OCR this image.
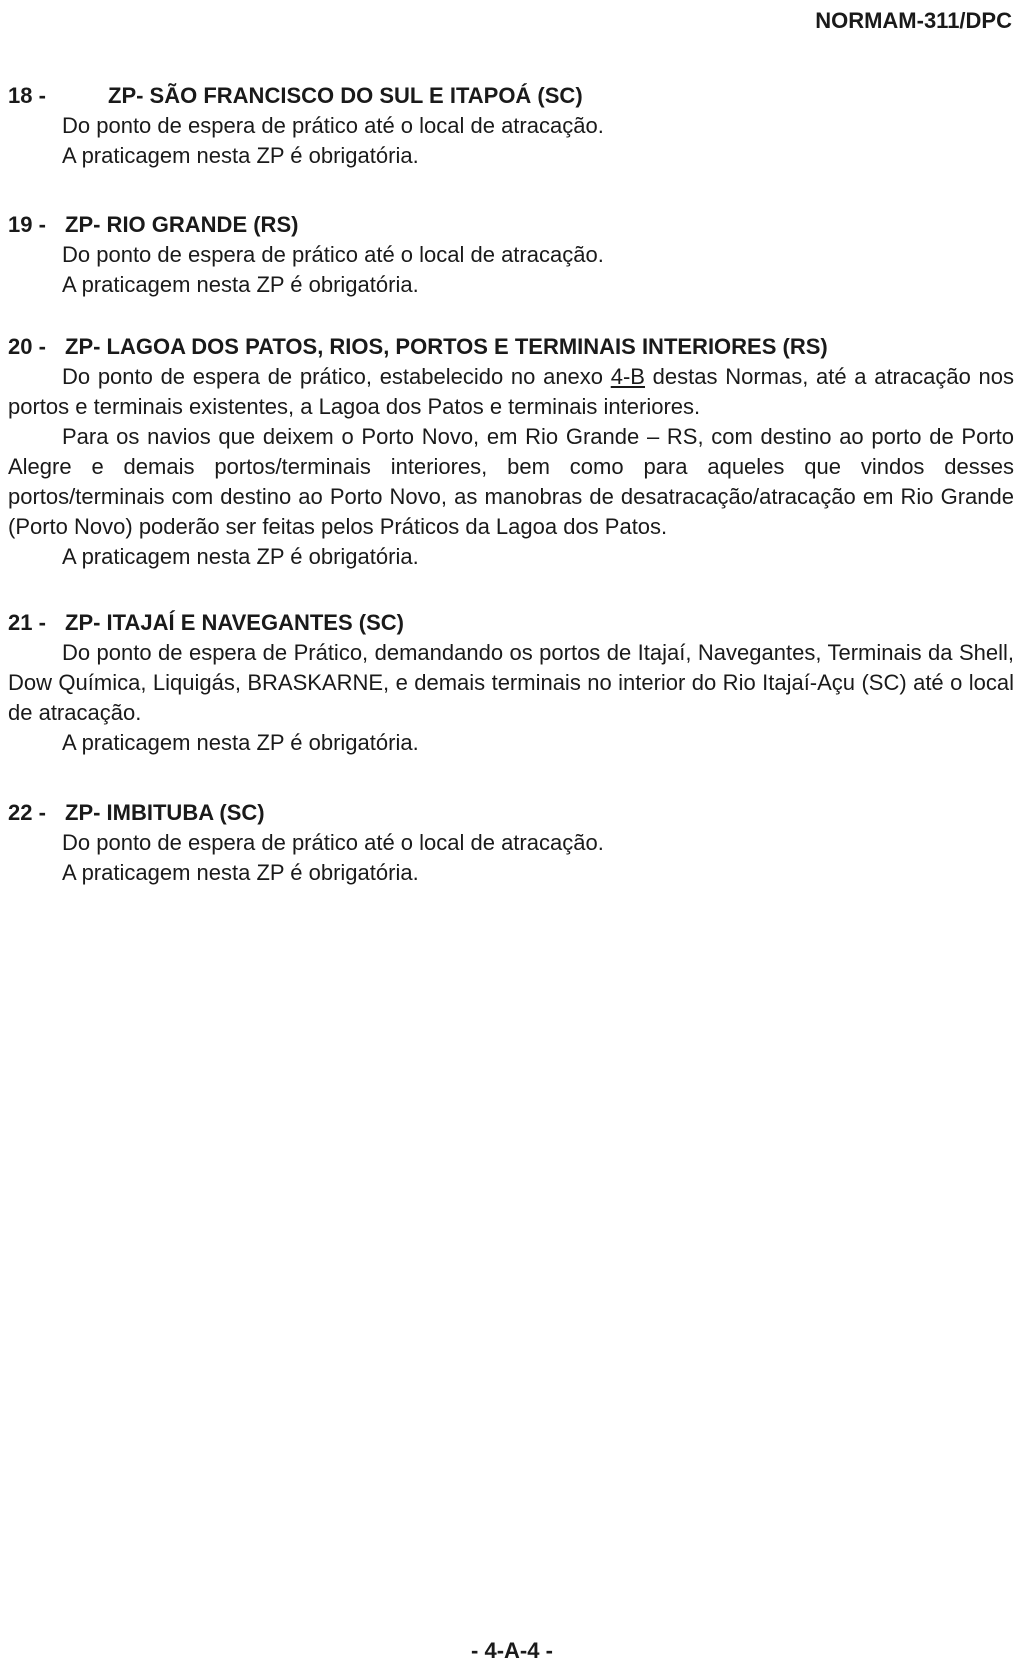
NORMAM-311/DPC
18 -	ZP- SÃO FRANCISCO DO SUL E ITAPOÁ (SC)
Do ponto de espera de prático até o local de atracação.
A praticagem nesta ZP é obrigatória.
19 - ZP- RIO GRANDE (RS)
Do ponto de espera de prático até o local de atracação.
A praticagem nesta ZP é obrigatória.
20 - ZP- LAGOA DOS PATOS, RIOS, PORTOS E TERMINAIS INTERIORES (RS)

Do ponto de espera de prático, estabelecido no anexo 4-B destas Normas, até a atracação nos portos e terminais existentes, a Lagoa dos Patos e terminais interiores.

Para os navios que deixem o Porto Novo, em Rio Grande – RS, com destino ao porto de Porto Alegre e demais portos/terminais interiores, bem como para aqueles que vindos desses portos/terminais com destino ao Porto Novo, as manobras de desatracação/atracação em Rio Grande (Porto Novo) poderão ser feitas pelos Práticos da Lagoa dos Patos.

A praticagem nesta ZP é obrigatória.
21 - ZP- ITAJAÍ E NAVEGANTES (SC)

Do ponto de espera de Prático, demandando os portos de Itajaí, Navegantes, Terminais da Shell, Dow Química, Liquigás, BRASKARNE, e demais terminais no interior do Rio Itajaí-Açu (SC) até o local de atracação.

A praticagem nesta ZP é obrigatória.
22 - ZP- IMBITUBA (SC)
Do ponto de espera de prático até o local de atracação.
A praticagem nesta ZP é obrigatória.
- 4-A-4 -
